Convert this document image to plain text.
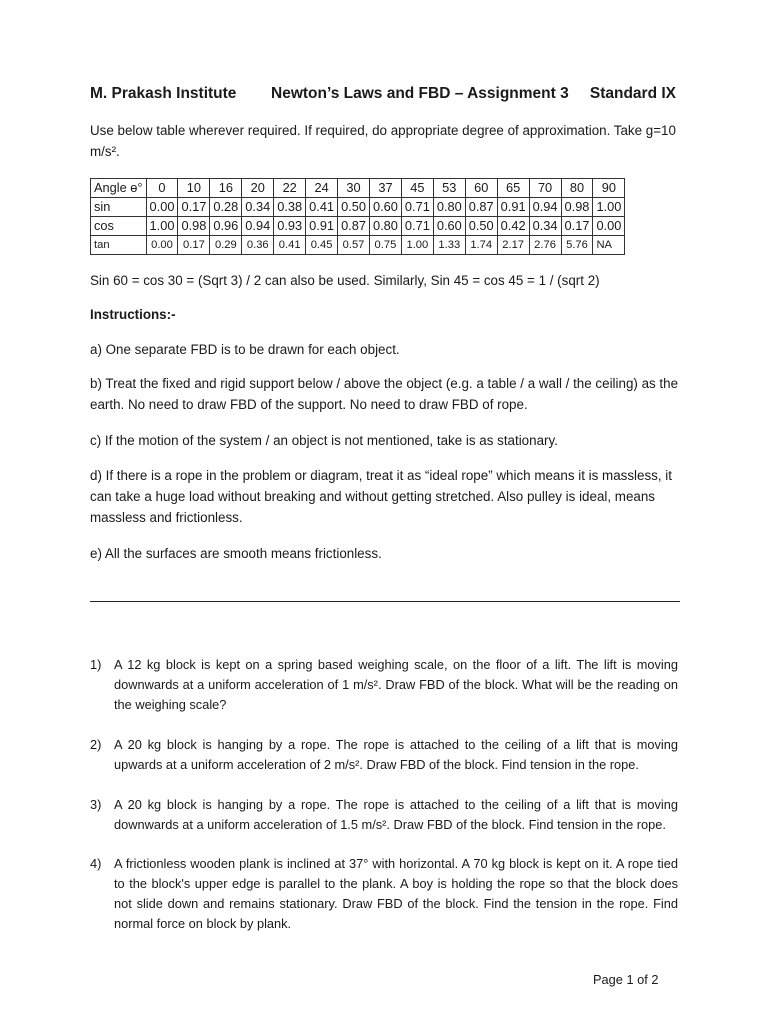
M. Prakash Institute Newton’s Laws and FBD – Assignment 3 Standard IX

Use below table wherever required. If required, do appropriate degree of approximation. Take g=10 m/s².

Angle ɵ°	0	10	16	20	22	24	30	37	45	53	60	65	70	80	90
sin	0.00	0.17	0.28	0.34	0.38	0.41	0.50	0.60	0.71	0.80	0.87	0.91	0.94	0.98	1.00
cos	1.00	0.98	0.96	0.94	0.93	0.91	0.87	0.80	0.71	0.60	0.50	0.42	0.34	0.17	0.00
tan	0.00	0.17	0.29	0.36	0.41	0.45	0.57	0.75	1.00	1.33	1.74	2.17	2.76	5.76	NA

Sin 60 = cos 30 = (Sqrt 3) / 2 can also be used. Similarly, Sin 45 = cos 45 = 1 / (sqrt 2)

Instructions:-

a) One separate FBD is to be drawn for each object.

b) Treat the fixed and rigid support below / above the object (e.g. a table / a wall / the ceiling) as the earth. No need to draw FBD of the support. No need to draw FBD of rope.

c) If the motion of the system / an object is not mentioned, take is as stationary.

d) If there is a rope in the problem or diagram, treat it as “ideal rope” which means it is massless, it can take a huge load without breaking and without getting stretched. Also pulley is ideal, means massless and frictionless.

e) All the surfaces are smooth means frictionless.

1) A 12 kg block is kept on a spring based weighing scale, on the floor of a lift. The lift is moving downwards at a uniform acceleration of 1 m/s². Draw FBD of the block. What will be the reading on the weighing scale?
2) A 20 kg block is hanging by a rope. The rope is attached to the ceiling of a lift that is moving upwards at a uniform acceleration of 2 m/s². Draw FBD of the block. Find tension in the rope.
3) A 20 kg block is hanging by a rope. The rope is attached to the ceiling of a lift that is moving downwards at a uniform acceleration of 1.5 m/s². Draw FBD of the block. Find tension in the rope.
4) A frictionless wooden plank is inclined at 37° with horizontal. A 70 kg block is kept on it. A rope tied to the block's upper edge is parallel to the plank. A boy is holding the rope so that the block does not slide down and remains stationary. Draw FBD of the block. Find the tension in the rope. Find normal force on block by plank.
Page 1 of 2
